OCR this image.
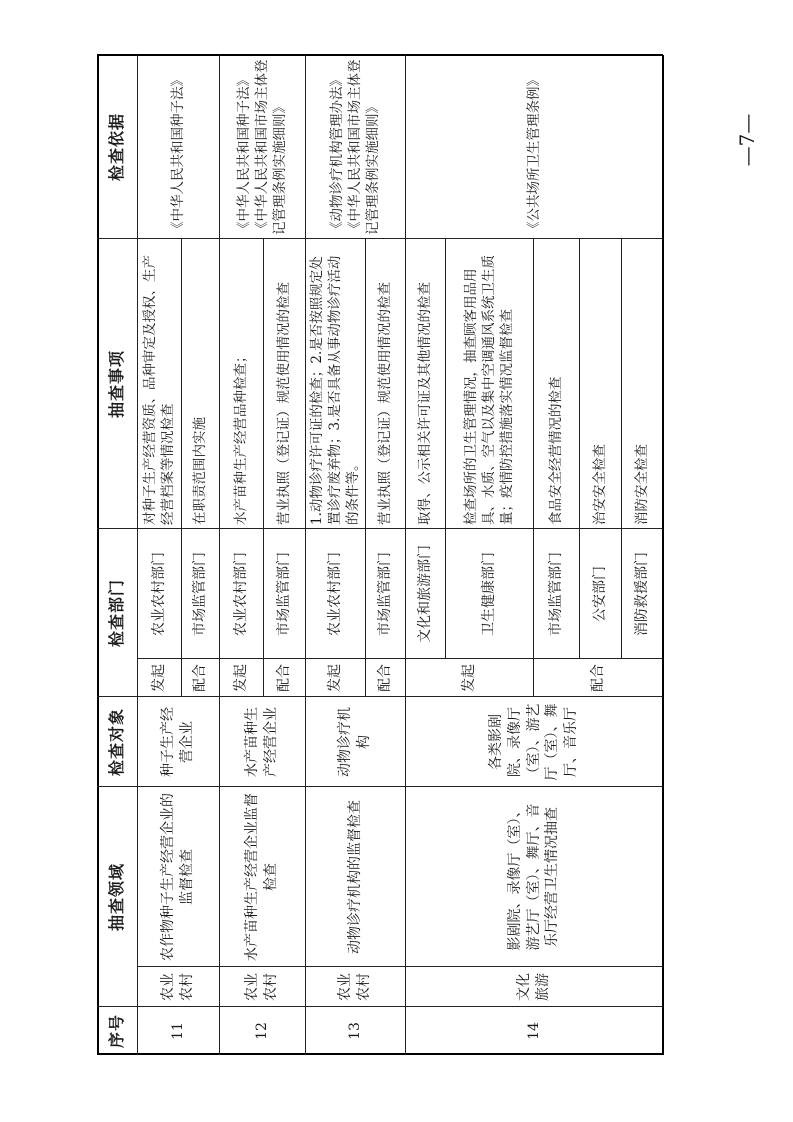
—7—
序号
抽查领域
检查对象
检查部门
抽查事项
检查依据
11
农业农村
农作物种子生产经营企业的监督检查
种子生产经营企业
发起
农业农村部门
对种子生产经营资质、品种审定及授权、生产经营档案等情况检查
配合
市场监管部门
在职责范围内实施
《中华人民共和国种子法》
12
农业农村
水产苗种生产经营企业监督检查
水产苗种生产经营企业
发起
农业农村部门
水产苗种生产经营品种检查；
配合
市场监管部门
营业执照（登记证）规范使用情况的检查
《中华人民共和国种子法》《中华人民共和国市场主体登记管理条例实施细则》
13
农业农村
动物诊疗机构的监督检查
动物诊疗机构
发起
农业农村部门
1.动物诊疗许可证的检查；2.是否按照规定处置诊疗废弃物；3.是否具备从事动物诊疗活动的条件等。
配合
市场监管部门
营业执照（登记证）规范使用情况的检查
《动物诊疗机构管理办法》《中华人民共和国市场主体登记管理条例实施细则》
14
文化旅游
影剧院、录像厅（室）、游艺厅（室）、舞厅、音乐厅经营卫生情况抽查
各类影剧院、录像厅（室）、游艺厅（室）、舞厅、音乐厅
发起
文化和旅游部门
取得、公示相关许可证及其他情况的检查
卫生健康部门
检查场所的卫生管理情况，抽查顾客用品用具、水质、空气以及集中空调通风系统卫生质量；疫情防控措施落实情况监督检查
配合
市场监管部门
食品安全经营情况的检查
公安部门
治安安全检查
消防救援部门
消防安全检查
《公共场所卫生管理条例》
